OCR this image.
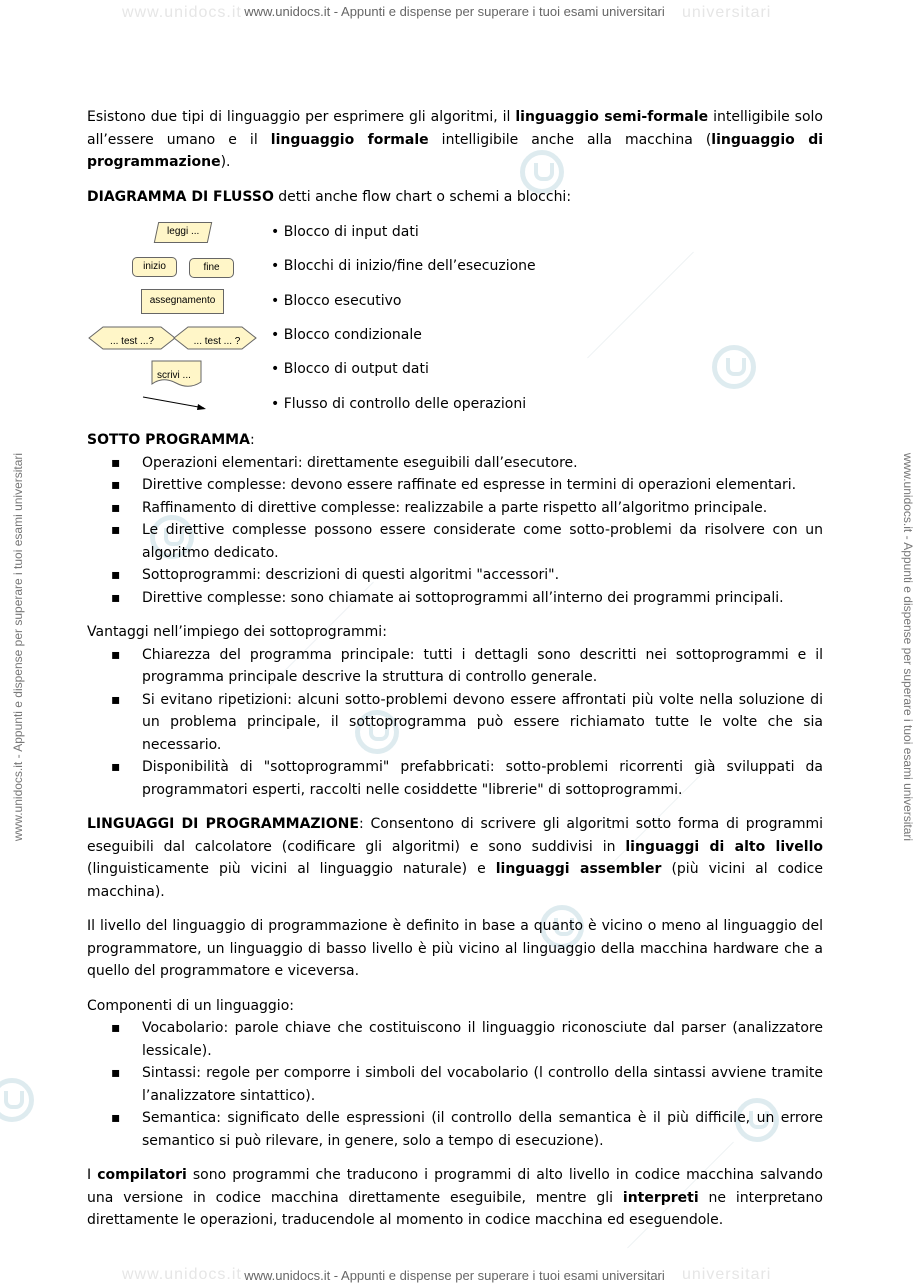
www.unidocs.it	universitari
www.unidocs.it	universitari
www.unidocs.it - Appunti e dispense per superare i tuoi esami universitari
www.unidocs.it - Appunti e dispense per superare i tuoi esami universitari
www.unidocs.it - Appunti e dispense per superare i tuoi esami universitari	www.unidocs.it - Appunti e dispense per superare i tuoi esami universitari

Esistono due tipi di linguaggio per esprimere gli algoritmi, il linguaggio semi-formale intelligibile solo all’essere umano e il linguaggio formale intelligibile anche alla macchina (linguaggio di programmazione).

DIAGRAMMA DI FLUSSO detti anche flow chart o schemi a blocchi:

leggi ...
inizio	fine
assegnamento
... test ...?	... test ... ?
scrivi ...
• Blocco di input dati
• Blocchi di inizio/fine dell’esecuzione
• Blocco esecutivo
• Blocco condizionale
• Blocco di output dati
• Flusso di controllo delle operazioni

SOTTO PROGRAMMA:

▪ Operazioni elementari: direttamente eseguibili dall’esecutore.
▪ Direttive complesse: devono essere raffinate ed espresse in termini di operazioni elementari.
▪ Raffinamento di direttive complesse: realizzabile a parte rispetto all’algoritmo principale.
▪ Le direttive complesse possono essere considerate come sotto-problemi da risolvere con un algoritmo dedicato.
▪ Sottoprogrammi: descrizioni di questi algoritmi "accessori".
▪ Direttive complesse: sono chiamate ai sottoprogrammi all’interno dei programmi principali.

Vantaggi nell’impiego dei sottoprogrammi:

▪ Chiarezza del programma principale: tutti i dettagli sono descritti nei sottoprogrammi e il programma principale descrive la struttura di controllo generale.
▪ Si evitano ripetizioni: alcuni sotto-problemi devono essere affrontati più volte nella soluzione di un problema principale, il sottoprogramma può essere richiamato tutte le volte che sia necessario.
▪ Disponibilità di "sottoprogrammi" prefabbricati: sotto-problemi ricorrenti già sviluppati da programmatori esperti, raccolti nelle cosiddette "librerie" di sottoprogrammi.

LINGUAGGI DI PROGRAMMAZIONE: Consentono di scrivere gli algoritmi sotto forma di programmi eseguibili dal calcolatore (codificare gli algoritmi) e sono suddivisi in linguaggi di alto livello (linguisticamente più vicini al linguaggio naturale) e linguaggi assembler (più vicini al codice macchina).

Il livello del linguaggio di programmazione è definito in base a quanto è vicino o meno al linguaggio del programmatore, un linguaggio di basso livello è più vicino al linguaggio della macchina hardware che a quello del programmatore e viceversa.

Componenti di un linguaggio:

▪ Vocabolario: parole chiave che costituiscono il linguaggio riconosciute dal parser (analizzatore lessicale).
▪ Sintassi: regole per comporre i simboli del vocabolario (l controllo della sintassi avviene tramite l’analizzatore sintattico).
▪ Semantica: significato delle espressioni (il controllo della semantica è il più difficile, un errore semantico si può rilevare, in genere, solo a tempo di esecuzione).

I compilatori sono programmi che traducono i programmi di alto livello in codice macchina salvando una versione in codice macchina direttamente eseguibile, mentre gli interpreti ne interpretano direttamente le operazioni, traducendole al momento in codice macchina ed eseguendole.
